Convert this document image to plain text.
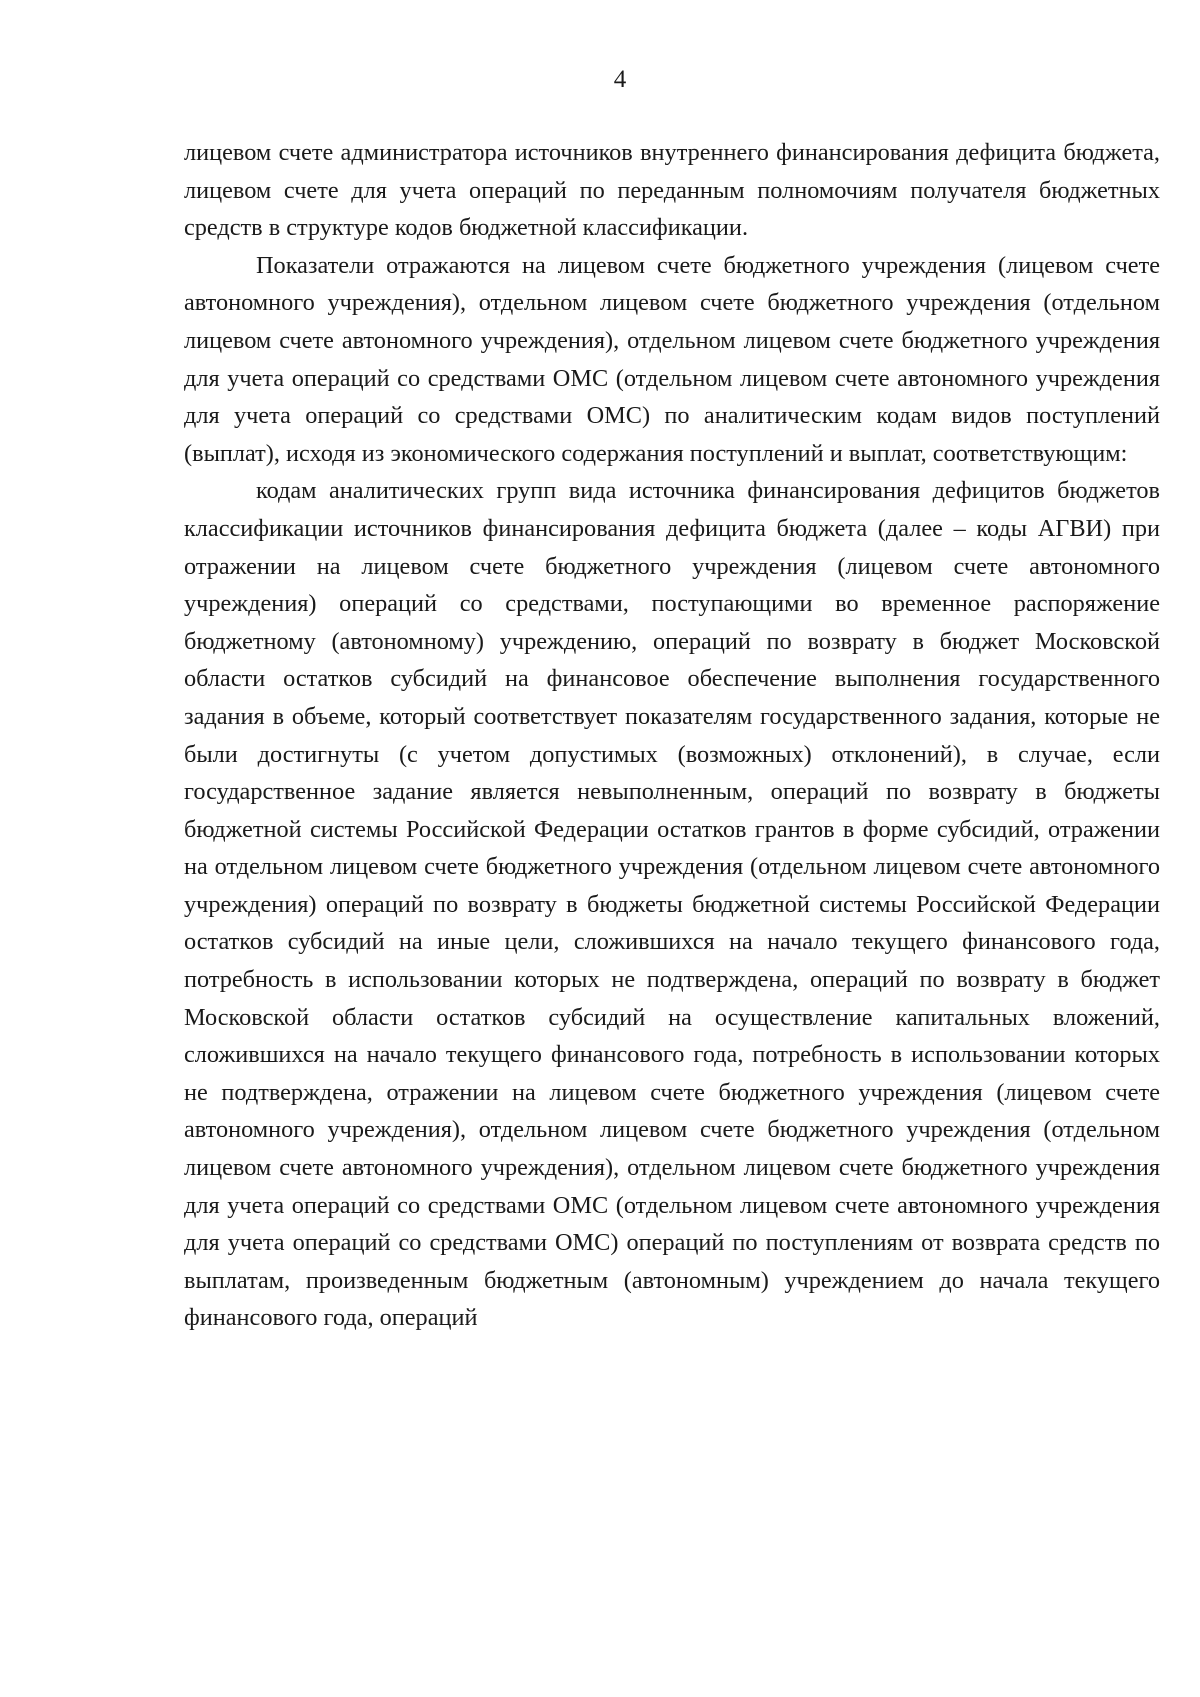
4

лицевом счете администратора источников внутреннего финансирования дефицита бюджета, лицевом счете для учета операций по переданным полномочиям получателя бюджетных средств в структуре кодов бюджетной классификации.

Показатели отражаются на лицевом счете бюджетного учреждения (лицевом счете автономного учреждения), отдельном лицевом счете бюджетного учреждения (отдельном лицевом счете автономного учреждения), отдельном лицевом счете бюджетного учреждения для учета операций со средствами ОМС (отдельном лицевом счете автономного учреждения для учета операций со средствами ОМС) по аналитическим кодам видов поступлений (выплат), исходя из экономического содержания поступлений и выплат, соответствующим:

кодам аналитических групп вида источника финансирования дефицитов бюджетов классификации источников финансирования дефицита бюджета (далее – коды АГВИ) при отражении на лицевом счете бюджетного учреждения (лицевом счете автономного учреждения) операций со средствами, поступающими во временное распоряжение бюджетному (автономному) учреждению, операций по возврату в бюджет Московской области остатков субсидий на финансовое обеспечение выполнения государственного задания в объеме, который соответствует показателям государственного задания, которые не были достигнуты (с учетом допустимых (возможных) отклонений), в случае, если государственное задание является невыполненным, операций по возврату в бюджеты бюджетной системы Российской Федерации остатков грантов в форме субсидий, отражении на отдельном лицевом счете бюджетного учреждения (отдельном лицевом счете автономного учреждения) операций по возврату в бюджеты бюджетной системы Российской Федерации остатков субсидий на иные цели, сложившихся на начало текущего финансового года, потребность в использовании которых не подтверждена, операций по возврату в бюджет Московской области остатков субсидий на осуществление капитальных вложений, сложившихся на начало текущего финансового года, потребность в использовании которых не подтверждена, отражении на лицевом счете бюджетного учреждения (лицевом счете автономного учреждения), отдельном лицевом счете бюджетного учреждения (отдельном лицевом счете автономного учреждения), отдельном лицевом счете бюджетного учреждения для учета операций со средствами ОМС (отдельном лицевом счете автономного учреждения для учета операций со средствами ОМС) операций по поступлениям от возврата средств по выплатам, произведенным бюджетным (автономным) учреждением до начала текущего финансового года, операций
